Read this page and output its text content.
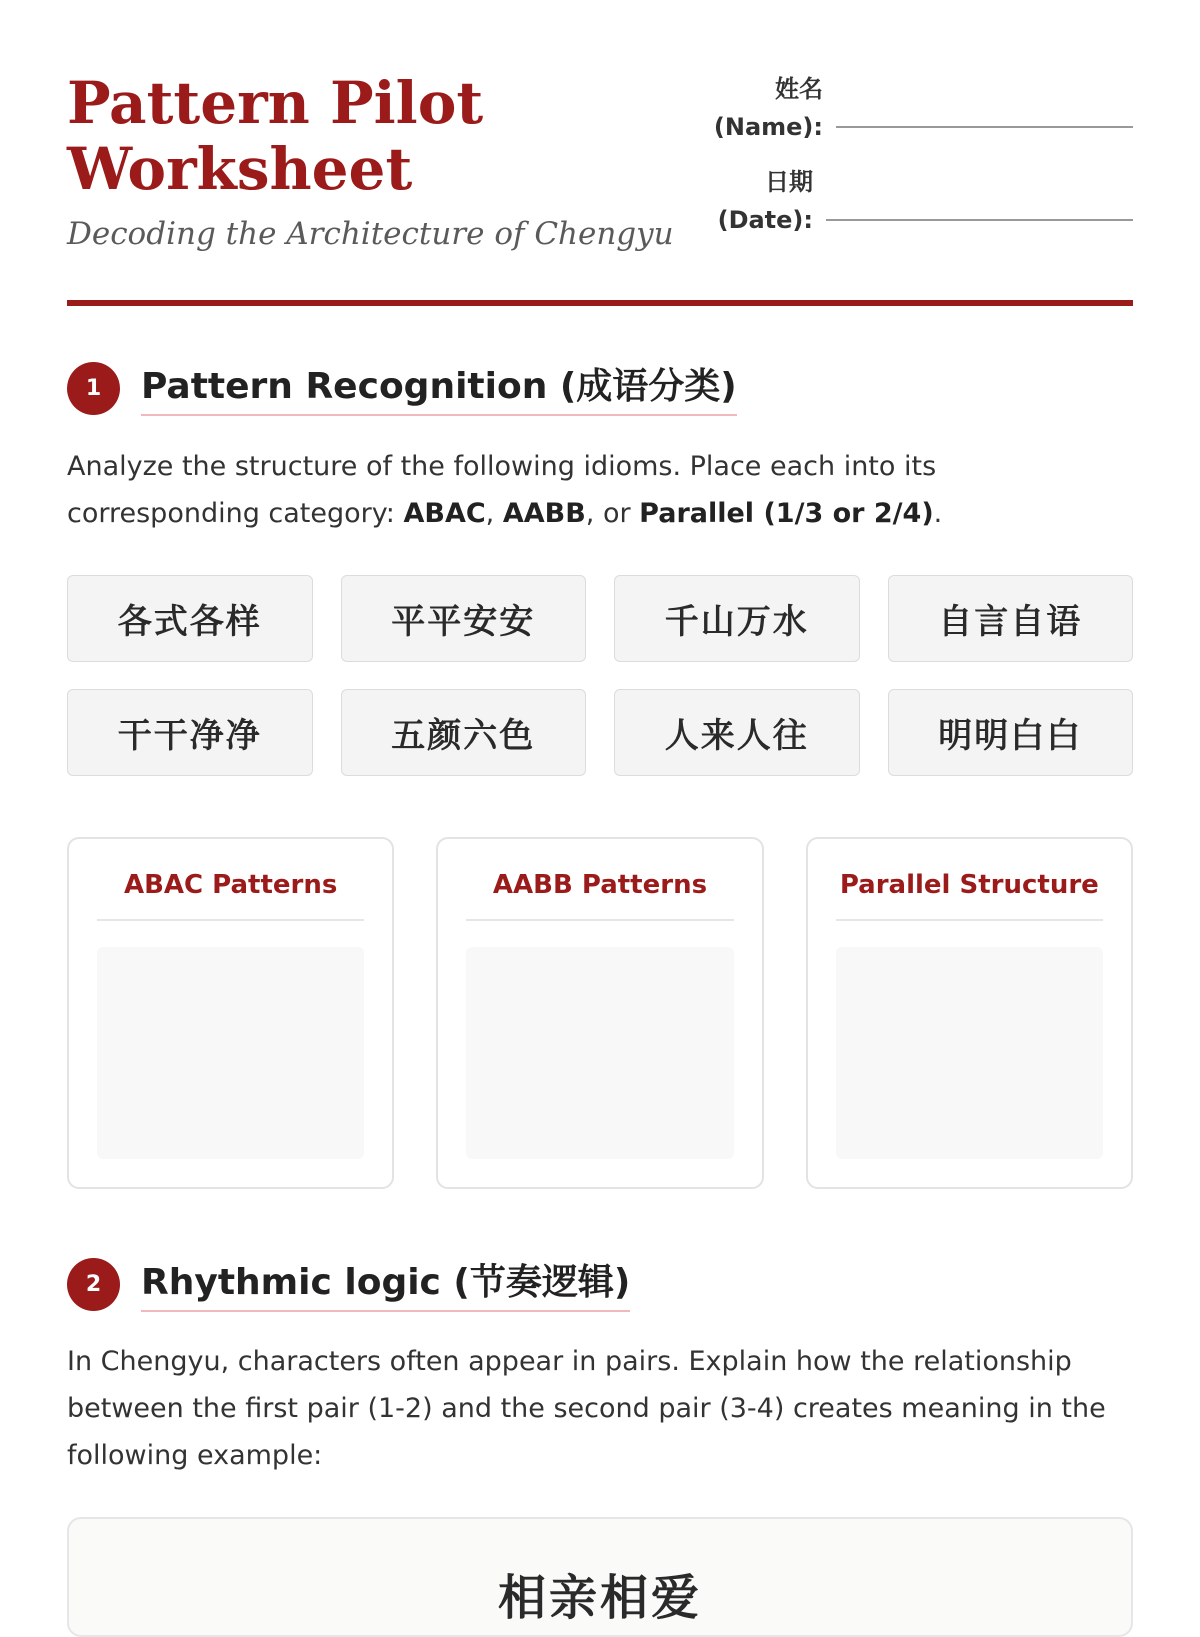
Pattern Pilot Worksheet
Decoding the Architecture of Chengyu
姓名
(Name):
日期
(Date):
1	Pattern Recognition (成语分类)

Analyze the structure of the following idioms. Place each into its corresponding category: ABAC, AABB, or Parallel (1/3 or 2/4).

各式各样	平平安安	千山万水	自言自语
干干净净	五颜六色	人来人往	明明白白
ABAC Patterns	AABB Patterns	Parallel Structure
2	Rhythmic logic (节奏逻辑)

In Chengyu, characters often appear in pairs. Explain how the relationship between the first pair (1-2) and the second pair (3-4) creates meaning in the following example:

相亲相爱
